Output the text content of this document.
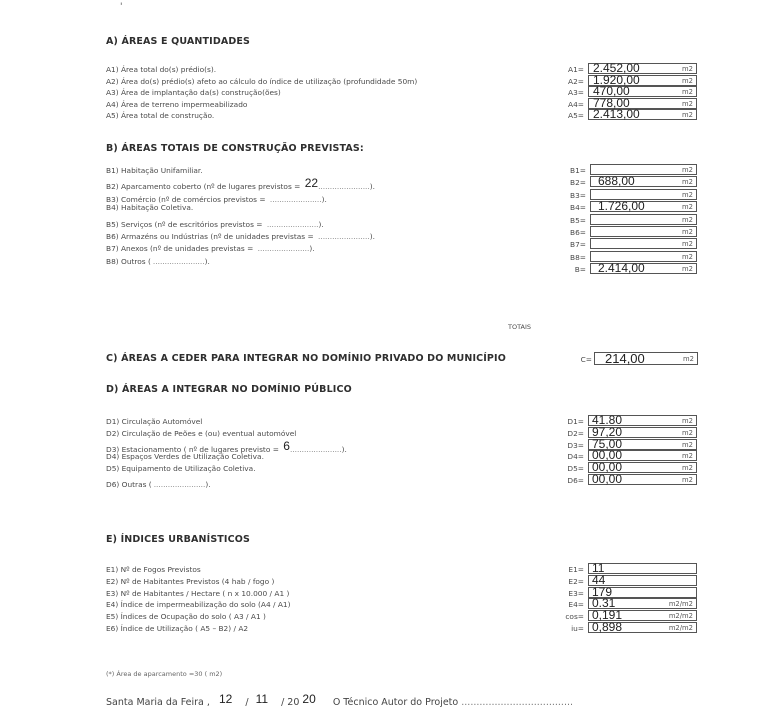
'
A) ÁREAS E QUANTIDADES
A1) Área total do(s) prédio(s).	A1= 2.452,00	m2
A2) Área do(s) prédio(s) afeto ao cálculo do índice de utilização (profundidade 50m)	A2= 1.920,00	m2
A3) Área de implantação da(s) construção(ões)	A3= 470,00	m2
A4) Área de terreno impermeabilizado	A4= 778,00	m2
A5) Área total de construção.	A5= 2.413,00	m2
B) ÁREAS TOTAIS DE CONSTRUÇÃO PREVISTAS:
B1) Habitação Unifamiliar.	B1=	m2
B2) Aparcamento coberto (nº de lugares previstos = 22......................).	B2= 688,00	m2
B3) Comércio (nº de comércios previstos = ......................).	B3=	m2
B4) Habitação Coletiva.	B4= 1.726,00	m2
B5) Serviços (nº de escritórios previstos = ......................).	B5=	m2
B6) Armazéns ou Indústrias (nº de unidades previstas = ......................).	B6=	m2
B7) Anexos (nº de unidades previstas = ......................).	B7=	m2
B8) Outros ( ......................).	B8=	m2
B= 2.414,00	m2
TOTAIS
C) ÁREAS A CEDER PARA INTEGRAR NO DOMÍNIO PRIVADO DO MUNICÍPIO	C= 214,00	m2
D) ÁREAS A INTEGRAR NO DOMÍNIO PÚBLICO
D1) Circulação Automóvel	D1= 41.80	m2
D2) Circulação de Peões e (ou) eventual automóvel	D2= 97,20	m2
D3) Estacionamento ( nº de lugares previsto = 6......................).	D3= 75,00	m2
D4) Espaços Verdes de Utilização Coletiva.	D4= 00,00	m2
D5) Equipamento de Utilização Coletiva.	D5= 00,00	m2
D6) Outras ( ......................).	D6= 00,00	m2
E) ÍNDICES URBANÍSTICOS
E1) Nº de Fogos Previstos	E1= 11
E2) Nº de Habitantes Previstos (4 hab / fogo )	E2= 44
E3) Nº de Habitantes / Hectare ( n x 10.000 / A1 )	E3= 179
E4) Índice de impermeabilização do solo (A4 / A1)	E4= 0.31	m2/m2
E5) Índices de Ocupação do solo ( A3 / A1 )	cos= 0,191	m2/m2
E6) Índice de Utilização ( A5 – B2) / A2	iu= 0,898	m2/m2
(*) Área de aparcamento =30 ( m2)
Santa Maria da Feira , 12 / 11 / 20 20 O Técnico Autor do Projeto .....................................
